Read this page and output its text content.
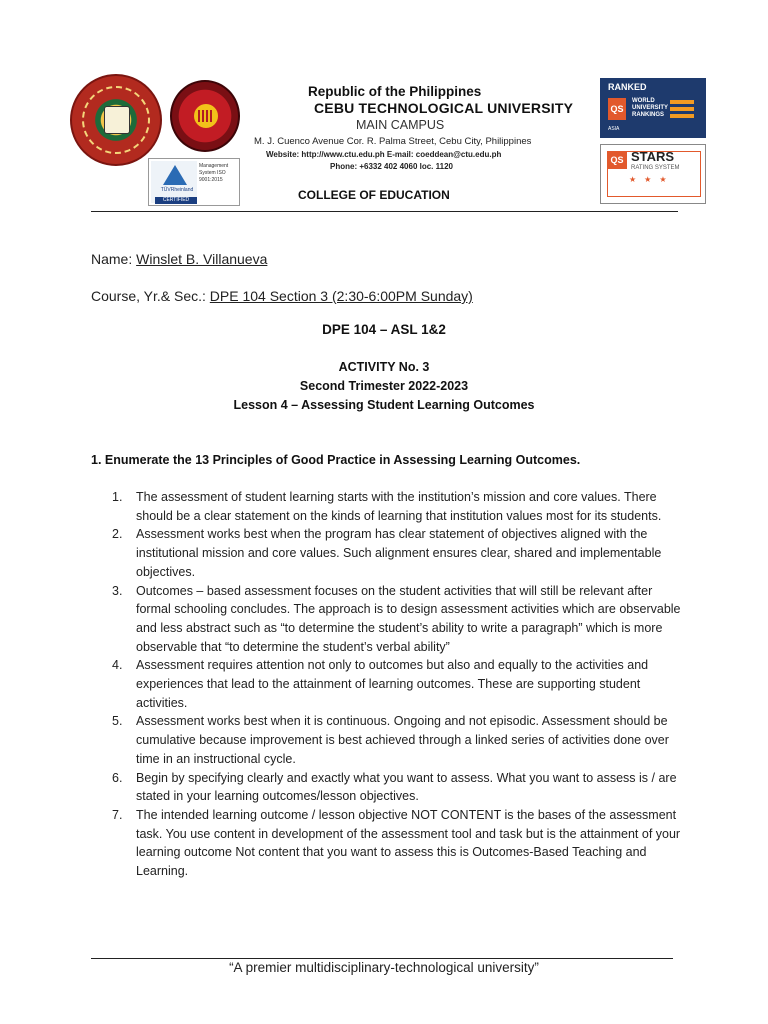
TÜVRheinland
CERTIFIED
Management System ISO 9001:2015
Republic of the Philippines
CEBU TECHNOLOGICAL UNIVERSITY
MAIN CAMPUS
M. J. Cuenco Avenue Cor. R. Palma Street, Cebu City, Philippines
Website: http://www.ctu.edu.ph E-mail: coeddean@ctu.edu.ph
Phone: +6332 402 4060 loc. 1120
COLLEGE OF EDUCATION
RANKED
QS
WORLD UNIVERSITY RANKINGS
ASIA
QS STARS
RATING SYSTEM
★★★
Name: Winslet B. Villanueva
Course, Yr.& Sec.: DPE 104 Section 3 (2:30-6:00PM Sunday)
DPE 104 – ASL 1&2
ACTIVITY No. 3
Second Trimester 2022-2023
Lesson 4 – Assessing Student Learning Outcomes
1. Enumerate the 13 Principles of Good Practice in Assessing Learning Outcomes.
1. The assessment of student learning starts with the institution’s mission and core values. There should be a clear statement on the kinds of learning that institution values most for its students.
2. Assessment works best when the program has clear statement of objectives aligned with the institutional mission and core values. Such alignment ensures clear, shared and implementable objectives.
3. Outcomes – based assessment focuses on the student activities that will still be relevant after formal schooling concludes. The approach is to design assessment activities which are observable and less abstract such as “to determine the student’s ability to write a paragraph” which is more observable that “to determine the student’s verbal ability”
4. Assessment requires attention not only to outcomes but also and equally to the activities and experiences that lead to the attainment of learning outcomes. These are supporting student activities.
5. Assessment works best when it is continuous. Ongoing and not episodic. Assessment should be cumulative because improvement is best achieved through a linked series of activities done over time in an instructional cycle.
6. Begin by specifying clearly and exactly what you want to assess. What you want to assess is / are stated in your learning outcomes/lesson objectives.
7. The intended learning outcome / lesson objective NOT CONTENT is the bases of the assessment task. You use content in development of the assessment tool and task but is the attainment of your learning outcome Not content that you want to assess this is Outcomes-Based Teaching and Learning.
“A premier multidisciplinary-technological university”
